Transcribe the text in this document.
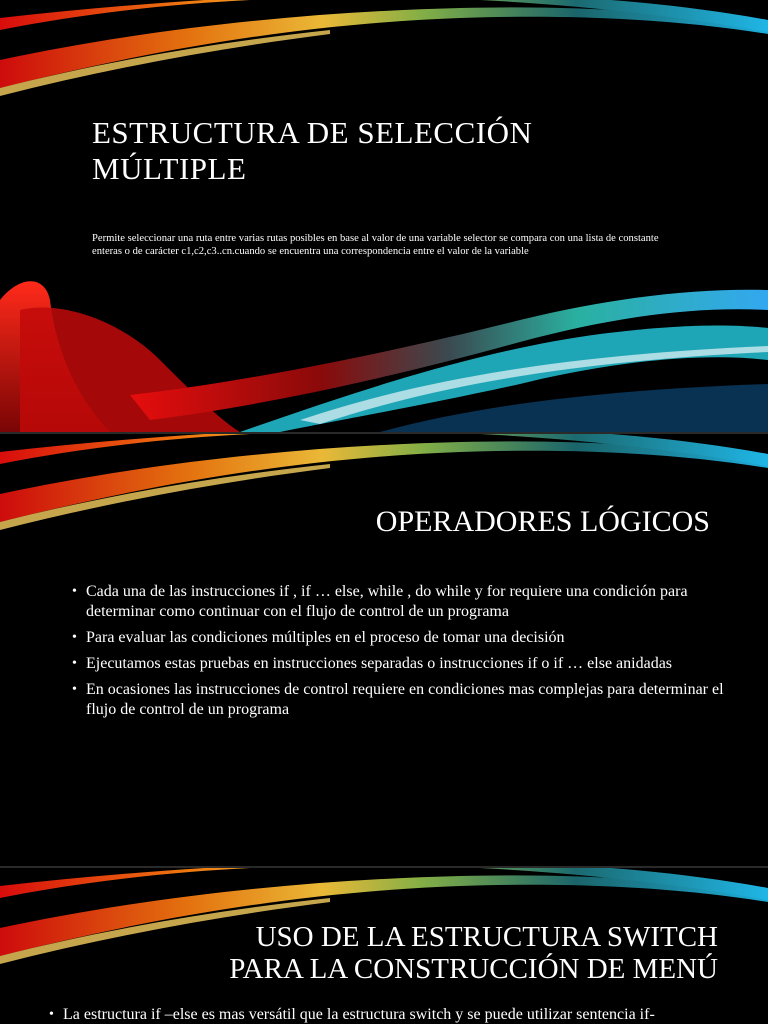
ESTRUCTURA DE SELECCIÓN MÚLTIPLE

Permite seleccionar una ruta entre varias rutas posibles en base al valor de una variable selector se compara con una lista de constante enteras o de carácter c1,c2,c3..cn.cuando se encuentra una correspondencia entre el valor de la variable

OPERADORES LÓGICOS
• Cada una de las instrucciones if , if … else, while , do while y for requiere una condición para determinar como continuar con el flujo de control de un programa
• Para evaluar las condiciones múltiples en el proceso de tomar una decisión
• Ejecutamos estas pruebas en instrucciones separadas o instrucciones if o if … else anidadas
• En ocasiones las instrucciones de control requiere en condiciones mas complejas para determinar el flujo de control de un programa
USO DE LA ESTRUCTURA SWITCH
PARA LA CONSTRUCCIÓN DE MENÚ
• La estructura if –else es mas versátil que la estructura switch y se puede utilizar sentencia if-
